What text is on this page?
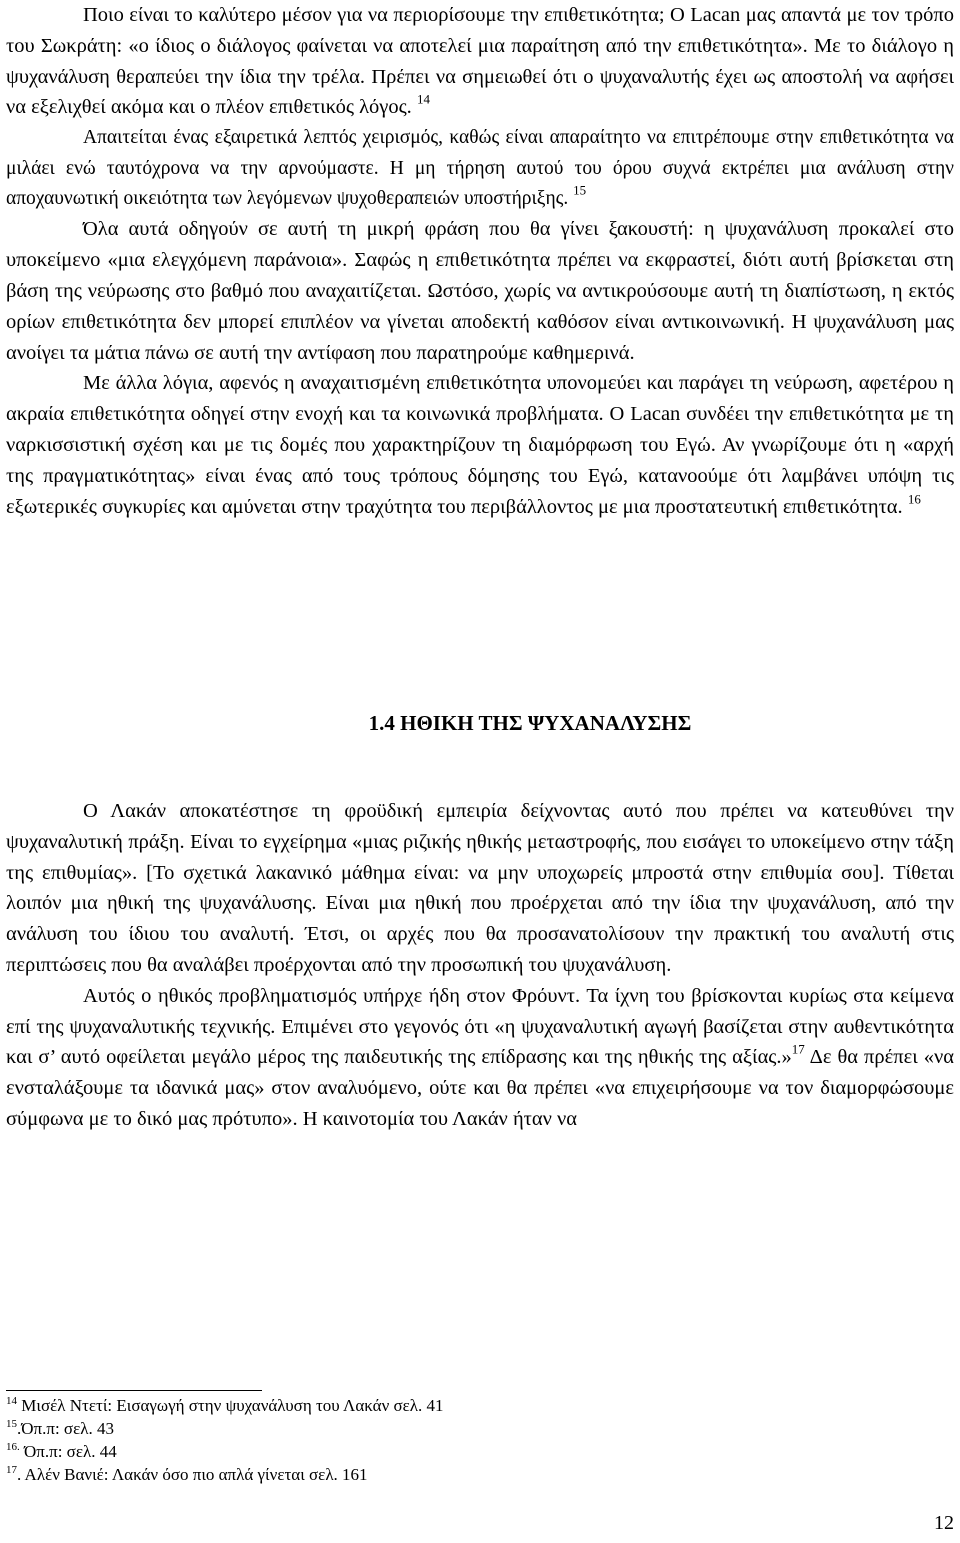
Ποιο είναι το καλύτερο μέσον για να περιορίσουμε την επιθετικότητα; O Lacan μας απαντά με τον τρόπο του Σωκράτη: «ο ίδιος ο διάλογος φαίνεται να αποτελεί μια παραίτηση από την επιθετικότητα». Με το διάλογο η ψυχανάλυση θεραπεύει την ίδια την τρέλα. Πρέπει να σημειωθεί ότι ο ψυχαναλυτής έχει ως αποστολή να αφήσει να εξελιχθεί ακόμα και ο πλέον επιθετικός λόγος. $^{14}$

Απαιτείται ένας εξαιρετικά λεπτός χειρισμός, καθώς είναι απαραίτητο να επιτρέπουμε στην επιθετικότητα να μιλάει ενώ ταυτόχρονα να την αρνούμαστε. Η μη τήρηση αυτού του όρου συχνά εκτρέπει μια ανάλυση στην αποχαυνωτική οικειότητα των λεγόμενων ψυχοθεραπειών υποστήριξης. $^{15}$

Όλα αυτά οδηγούν σε αυτή τη μικρή φράση που θα γίνει ξακουστή: η ψυχανάλυση προκαλεί στο υποκείμενο «μια ελεγχόμενη παράνοια». Σαφώς η επιθετικότητα πρέπει να εκφραστεί, διότι αυτή βρίσκεται στη βάση της νεύρωσης στο βαθμό που αναχαιτίζεται. Ωστόσο, χωρίς να αντικρούσουμε αυτή τη διαπίστωση, η εκτός ορίων επιθετικότητα δεν μπορεί επιπλέον να γίνεται αποδεκτή καθόσον είναι αντικοινωνική. Η ψυχανάλυση μας ανοίγει τα μάτια πάνω σε αυτή την αντίφαση που παρατηρούμε καθημερινά.

Με άλλα λόγια, αφενός η αναχαιτισμένη επιθετικότητα υπονομεύει και παράγει τη νεύρωση, αφετέρου η ακραία επιθετικότητα οδηγεί στην ενοχή και τα κοινωνικά προβλήματα. O Lacan συνδέει την επιθετικότητα με τη ναρκισσιστική σχέση και με τις δομές που χαρακτηρίζουν τη διαμόρφωση του Εγώ. Αν γνωρίζουμε ότι η «αρχή της πραγματικότητας» είναι ένας από τους τρόπους δόμησης του Εγώ, κατανοούμε ότι λαμβάνει υπόψη τις εξωτερικές συγκυρίες και αμύνεται στην τραχύτητα του περιβάλλοντος με μια προστατευτική επιθετικότητα. $^{16}$

1.4 ΗΘΙΚΗ ΤΗΣ ΨΥΧΑΝΑΛΥΣΗΣ

Ο Λακάν αποκατέστησε τη φροϋδική εμπειρία δείχνοντας αυτό που πρέπει να κατευθύνει την ψυχαναλυτική πράξη. Είναι το εγχείρημα «μιας ριζικής ηθικής μεταστροφής, που εισάγει το υποκείμενο στην τάξη της επιθυμίας». [Το σχετικά λακανικό μάθημα είναι: να μην υποχωρείς μπροστά στην επιθυμία σου]. Τίθεται λοιπόν μια ηθική της ψυχανάλυσης. Είναι μια ηθική που προέρχεται από την ίδια την ψυχανάλυση, από την ανάλυση του ίδιου του αναλυτή. Έτσι, οι αρχές που θα προσανατολίσουν την πρακτική του αναλυτή στις περιπτώσεις που θα αναλάβει προέρχονται από την προσωπική του ψυχανάλυση.

Αυτός ο ηθικός προβληματισμός υπήρχε ήδη στον Φρόυντ. Τα ίχνη του βρίσκονται κυρίως στα κείμενα επί της ψυχαναλυτικής τεχνικής. Επιμένει στο γεγονός ότι «η ψυχαναλυτική αγωγή βασίζεται στην αυθεντικότητα και σ’ αυτό οφείλεται μεγάλο μέρος της παιδευτικής της επίδρασης και της ηθικής της αξίας.»$^{17}$ Δε θα πρέπει «να ενσταλάξουμε τα ιδανικά μας» στον αναλυόμενο, ούτε και θα πρέπει «να επιχειρήσουμε να τον διαμορφώσουμε σύμφωνα με το δικό μας πρότυπο». Η καινοτομία του Λακάν ήταν να

$^{14}$ Μισέλ Ντετί: Εισαγωγή στην ψυχανάλυση του Λακάν σελ. 41

$^{15}$.Όπ.π: σελ. 43

$^{16.}$ Όπ.π: σελ. 44

$^{17}$. Αλέν Βανιέ: Λακάν όσο πιο απλά γίνεται σελ. 161

12
